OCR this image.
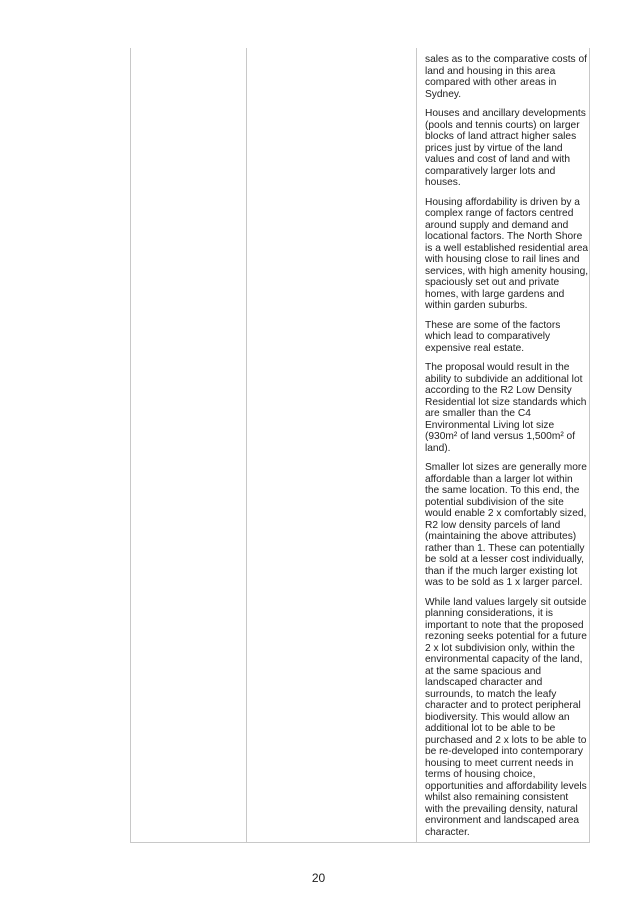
sales as to the comparative costs of
land and housing in this area
compared with other areas in
Sydney.

Houses and ancillary developments
(pools and tennis courts) on larger
blocks of land attract higher sales
prices just by virtue of the land
values and cost of land and with
comparatively larger lots and
houses.

Housing affordability is driven by a
complex range of factors centred
around supply and demand and
locational factors. The North Shore
is a well established residential area
with housing close to rail lines and
services, with high amenity housing,
spaciously set out and private
homes, with large gardens and
within garden suburbs.

These are some of the factors
which lead to comparatively
expensive real estate.

The proposal would result in the
ability to subdivide an additional lot
according to the R2 Low Density
Residential lot size standards which
are smaller than the C4
Environmental Living lot size
(930m² of land versus 1,500m² of
land).

Smaller lot sizes are generally more
affordable than a larger lot within
the same location. To this end, the
potential subdivision of the site
would enable 2 x comfortably sized,
R2 low density parcels of land
(maintaining the above attributes)
rather than 1. These can potentially
be sold at a lesser cost individually,
than if the much larger existing lot
was to be sold as 1 x larger parcel.

While land values largely sit outside
planning considerations, it is
important to note that the proposed
rezoning seeks potential for a future
2 x lot subdivision only, within the
environmental capacity of the land,
at the same spacious and
landscaped character and
surrounds, to match the leafy
character and to protect peripheral
biodiversity. This would allow an
additional lot to be able to be
purchased and 2 x lots to be able to
be re-developed into contemporary
housing to meet current needs in
terms of housing choice,
opportunities and affordability levels
whilst also remaining consistent
with the prevailing density, natural
environment and landscaped area
character.

20
